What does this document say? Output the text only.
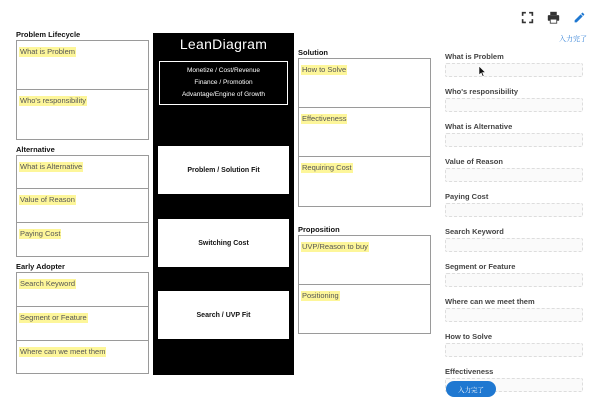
Problem Lifecycle
What is Problem
Who's responsibility
Alternative
What is Alternative
Value of Reason
Paying Cost
Early Adopter
Search Keyword
Segment or Feature
Where can we meet them
LeanDiagram
Monetize / Cost/Revenue
Finance / Promotion
Advantage/Engine of Growth
Problem / Solution Fit
Switching Cost
Search / UVP Fit
Solution
How to Solve
Effectiveness
Requiring Cost
Proposition
UVP/Reason to buy
Positioning
入力完了
What is Problem
Who's responsibility
What is Alternative
Value of Reason
Paying Cost
Search Keyword
Segment or Feature
Where can we meet them
How to Solve
Effectiveness
入力完了
